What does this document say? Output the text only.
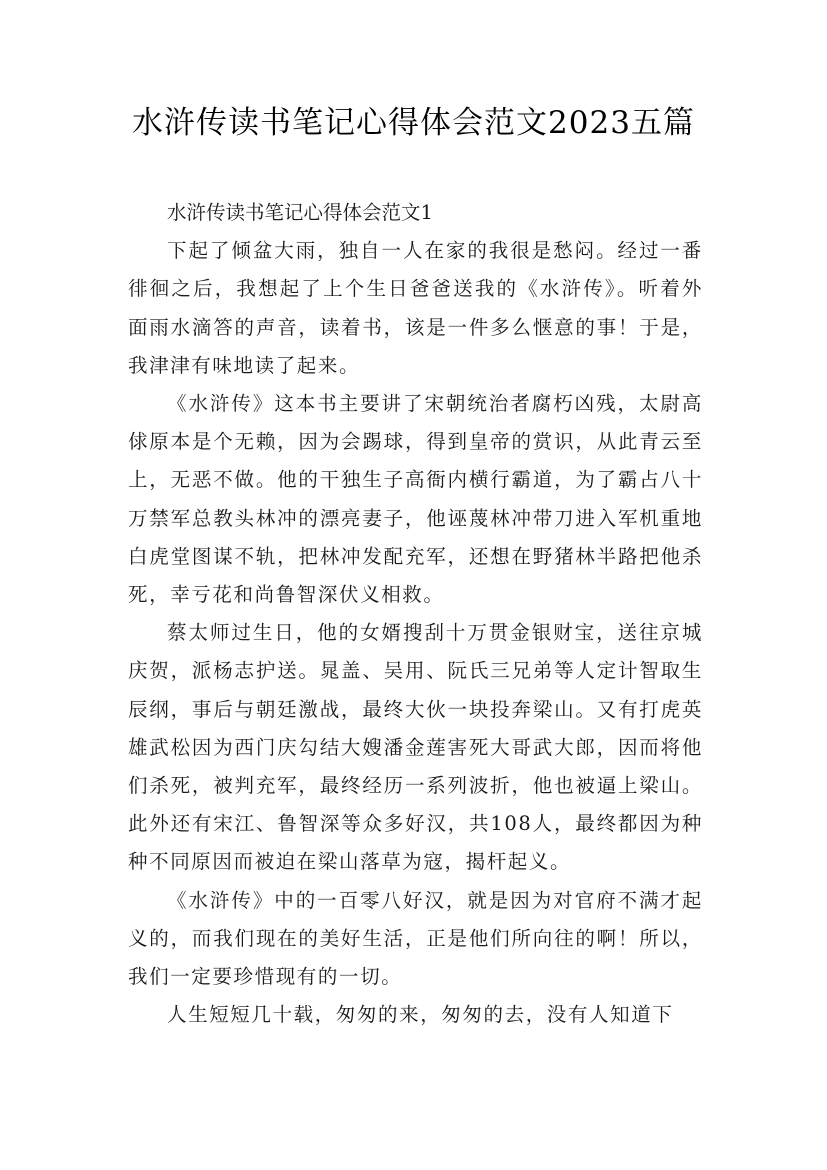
水浒传读书笔记心得体会范文2023五篇

水浒传读书笔记心得体会范文1

下起了倾盆大雨，独自一人在家的我很是愁闷。经过一番徘徊之后，我想起了上个生日爸爸送我的《水浒传》。听着外面雨水滴答的声音，读着书，该是一件多么惬意的事！于是，我津津有味地读了起来。

《水浒传》这本书主要讲了宋朝统治者腐朽凶残，太尉高俅原本是个无赖，因为会踢球，得到皇帝的赏识，从此青云至上，无恶不做。他的干独生子高衙内横行霸道，为了霸占八十万禁军总教头林冲的漂亮妻子，他诬蔑林冲带刀进入军机重地白虎堂图谋不轨，把林冲发配充军，还想在野猪林半路把他杀死，幸亏花和尚鲁智深伏义相救。

蔡太师过生日，他的女婿搜刮十万贯金银财宝，送往京城庆贺，派杨志护送。晁盖、吴用、阮氏三兄弟等人定计智取生辰纲，事后与朝廷激战，最终大伙一块投奔梁山。又有打虎英雄武松因为西门庆勾结大嫂潘金莲害死大哥武大郎，因而将他们杀死，被判充军，最终经历一系列波折，他也被逼上梁山。此外还有宋江、鲁智深等众多好汉，共108人，最终都因为种种不同原因而被迫在梁山落草为寇，揭杆起义。

《水浒传》中的一百零八好汉，就是因为对官府不满才起义的，而我们现在的美好生活，正是他们所向往的啊！所以，我们一定要珍惜现有的一切。

人生短短几十载，匆匆的来，匆匆的去，没有人知道下
